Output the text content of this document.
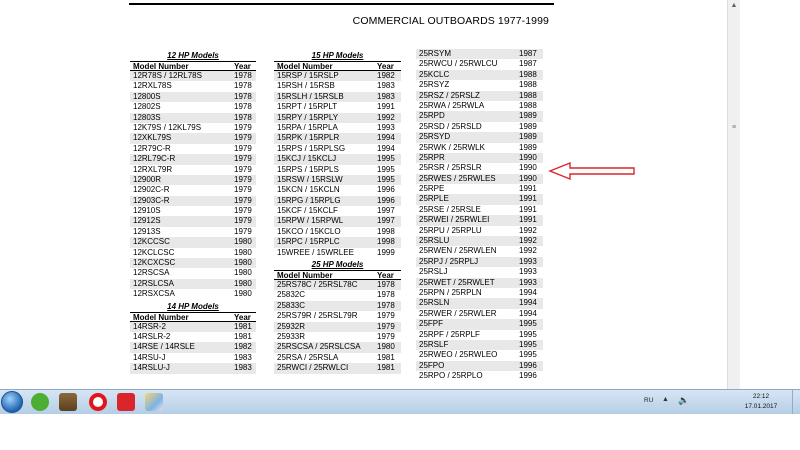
COMMERCIAL OUTBOARDS 1977-1999
12 HP Models
Model Number	Year
12R78S / 12RL78S	1978
12RXL78S	1978
12800S	1978
12802S	1978
12803S	1978
12K79S / 12KL79S	1979
12XKL79S	1979
12R79C-R	1979
12RL79C-R	1979
12RXL79R	1979
12900R	1979
12902C-R	1979
12903C-R	1979
12910S	1979
12912S	1979
12913S	1979
12KCCSC	1980
12KCLCSC	1980
12KCXCSC	1980
12RSCSA	1980
12RSLCSA	1980
12RSXCSA	1980
14 HP Models
Model Number	Year
14RSR-2	1981
14RSLR-2	1981
14RSE / 14RSLE	1982
14RSU-J	1983
14RSLU-J	1983
15 HP Models
Model Number	Year
15RSP / 15RSLP	1982
15RSH / 15RSB	1983
15RSLH / 15RSLB	1983
15RPT / 15RPLT	1991
15RPY / 15RPLY	1992
15RPA / 15RPLA	1993
15RPK / 15RPLR	1994
15RPS / 15RPLSG	1994
15KCJ / 15KCLJ	1995
15RPS / 15RPLS	1995
15RSW / 15RSLW	1995
15KCN / 15KCLN	1996
15RPG / 15RPLG	1996
15KCF / 15KCLF	1997
15RPW / 15RPWL	1997
15KCO / 15KCLO	1998
15RPC / 15RPLC	1998
15WREE / 15WRLEE	1999
25 HP Models
Model Number	Year
25RS78C / 25RSL78C	1978
25832C	1978
25833C	1978
25RS79R / 25RSL79R	1979
25932R	1979
25933R	1979
25RSCSA / 25RSLCSA	1980
25RSA / 25RSLA	1981
25RWCI / 25RWLCI	1981
25RSYM	1987
25RWCU / 25RWLCU	1987
25KCLC	1988
25RSYZ	1988
25RSZ / 25RSLZ	1988
25RWA / 25RWLA	1988
25RPD	1989
25RSD / 25RSLD	1989
25RSYD	1989
25RWK / 25RWLK	1989
25RPR	1990
25RSR / 25RSLR	1990
25RWES / 25RWLES	1990
25RPE	1991
25RPLE	1991
25RSE / 25RSLE	1991
25RWEI / 25RWLEI	1991
25RPU / 25RPLU	1992
25RSLU	1992
25RWEN / 25RWLEN	1992
25RPJ / 25RPLJ	1993
25RSLJ	1993
25RWET / 25RWLET	1993
25RPN / 25RPLN	1994
25RSLN	1994
25RWER / 25RWLER	1994
25FPF	1995
25RPF / 25RPLF	1995
25RSLF	1995
25RWEO / 25RWLEO	1995
25FPO	1996
25RPO / 25RPLO	1996
▲
≡
RU ▲ 🔈	22:12
17.01.2017
